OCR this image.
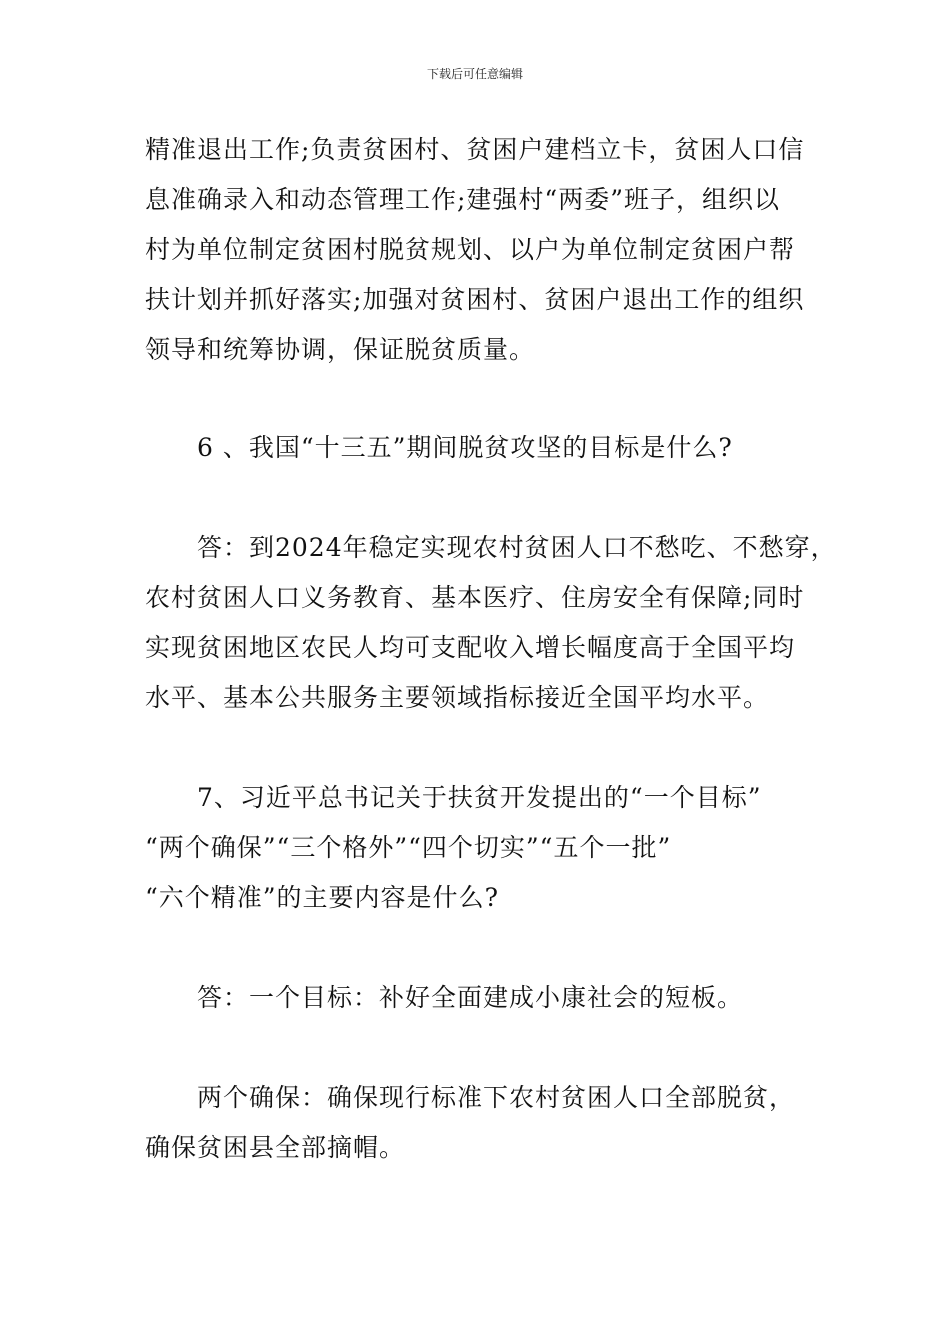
下载后可任意编辑

精准退出工作;负责贫困村、贫困户建档立卡，贫困人口信
息准确录入和动态管理工作;建强村“两委”班子，组织以
村为单位制定贫困村脱贫规划、以户为单位制定贫困户帮
扶计划并抓好落实;加强对贫困村、贫困户退出工作的组织
领导和统筹协调，保证脱贫质量。

6 、我国“十三五”期间脱贫攻坚的目标是什么?

答：到2024年稳定实现农村贫困人口不愁吃、不愁穿，
农村贫困人口义务教育、基本医疗、住房安全有保障;同时
实现贫困地区农民人均可支配收入增长幅度高于全国平均
水平、基本公共服务主要领域指标接近全国平均水平。

7、习近平总书记关于扶贫开发提出的“一个目标”
“两个确保”“三个格外”“四个切实”“五个一批”
“六个精准”的主要内容是什么?

答：一个目标：补好全面建成小康社会的短板。

两个确保：确保现行标准下农村贫困人口全部脱贫，
确保贫困县全部摘帽。
